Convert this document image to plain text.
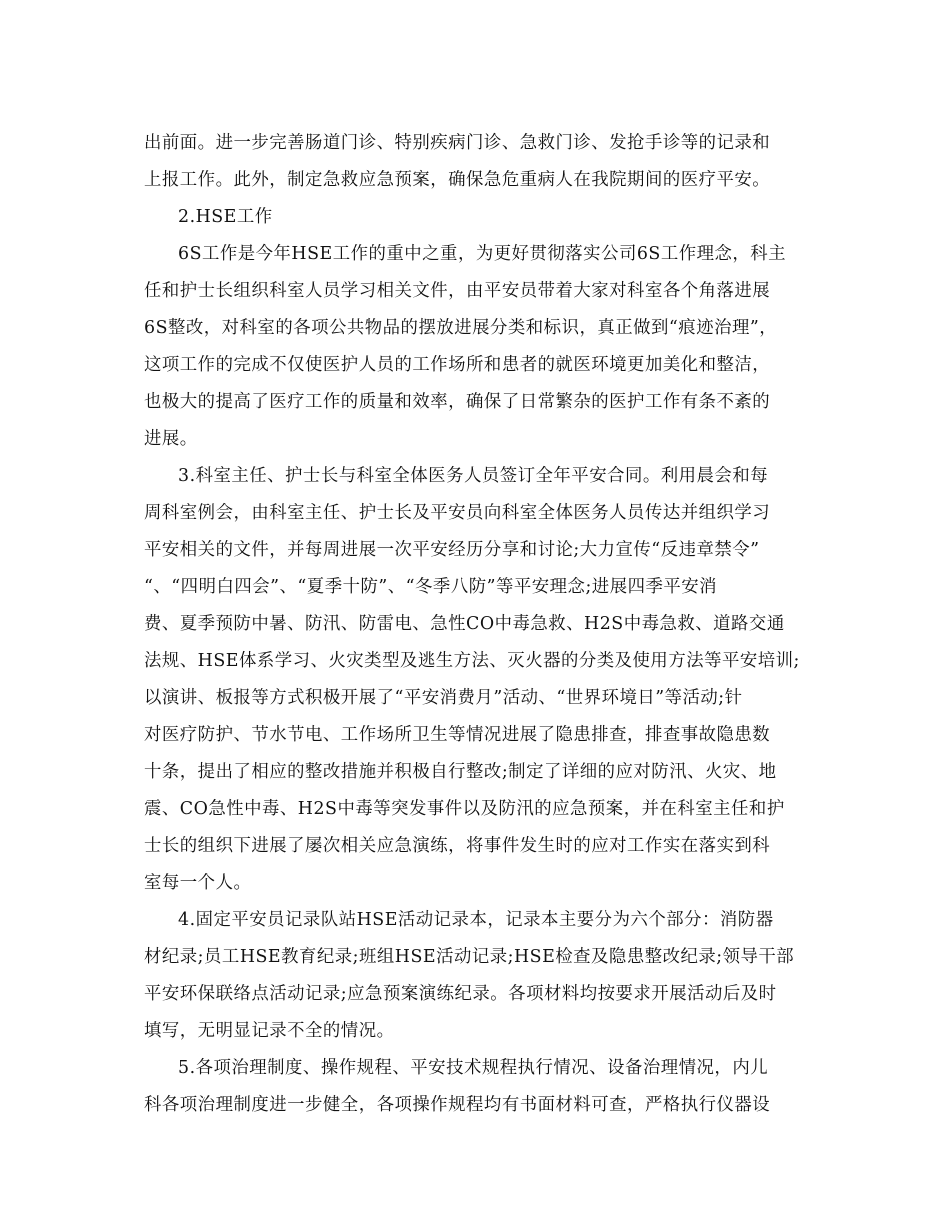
出前面。进一步完善肠道门诊、特别疾病门诊、急救门诊、发抢手诊等的记录和
上报工作。此外，制定急救应急预案，确保急危重病人在我院期间的医疗平安。
2.HSE工作
6S工作是今年HSE工作的重中之重，为更好贯彻落实公司6S工作理念，科主
任和护士长组织科室人员学习相关文件，由平安员带着大家对科室各个角落进展
6S整改，对科室的各项公共物品的摆放进展分类和标识，真正做到“痕迹治理”，
这项工作的完成不仅使医护人员的工作场所和患者的就医环境更加美化和整洁，
也极大的提高了医疗工作的质量和效率，确保了日常繁杂的医护工作有条不紊的
进展。
3.科室主任、护士长与科室全体医务人员签订全年平安合同。利用晨会和每
周科室例会，由科室主任、护士长及平安员向科室全体医务人员传达并组织学习
平安相关的文件，并每周进展一次平安经历分享和讨论;大力宣传“反违章禁令”
“、“四明白四会”、“夏季十防”、“冬季八防”等平安理念;进展四季平安消
费、夏季预防中暑、防汛、防雷电、急性CO中毒急救、H2S中毒急救、道路交通
法规、HSE体系学习、火灾类型及逃生方法、灭火器的分类及使用方法等平安培训;
以演讲、板报等方式积极开展了“平安消费月”活动、“世界环境日”等活动;针
对医疗防护、节水节电、工作场所卫生等情况进展了隐患排查，排查事故隐患数
十条，提出了相应的整改措施并积极自行整改;制定了详细的应对防汛、火灾、地
震、CO急性中毒、H2S中毒等突发事件以及防汛的应急预案，并在科室主任和护
士长的组织下进展了屡次相关应急演练，将事件发生时的应对工作实在落实到科
室每一个人。
4.固定平安员记录队站HSE活动记录本，记录本主要分为六个部分：消防器
材纪录;员工HSE教育纪录;班组HSE活动记录;HSE检查及隐患整改纪录;领导干部
平安环保联络点活动记录;应急预案演练纪录。各项材料均按要求开展活动后及时
填写，无明显记录不全的情况。
5.各项治理制度、操作规程、平安技术规程执行情况、设备治理情况，内儿
科各项治理制度进一步健全，各项操作规程均有书面材料可查，严格执行仪器设
